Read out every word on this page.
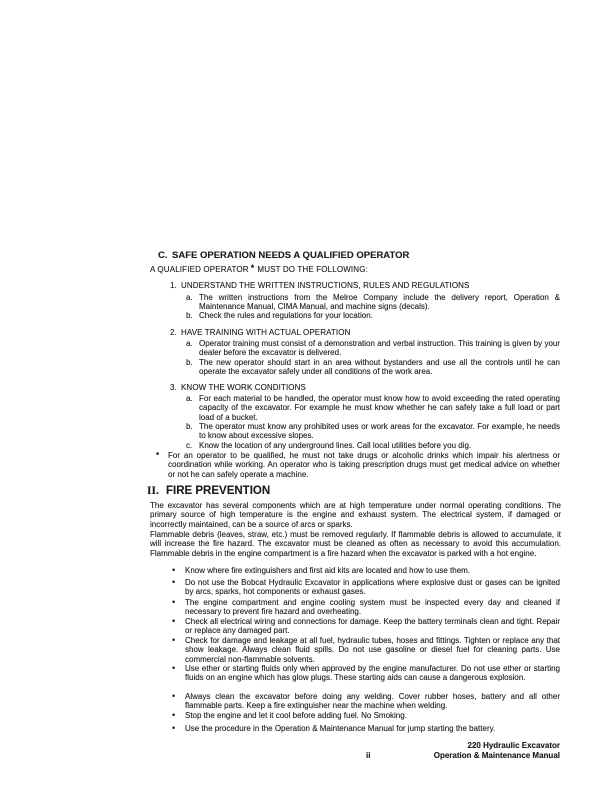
C. SAFE OPERATION NEEDS A QUALIFIED OPERATOR
A QUALIFIED OPERATOR * MUST DO THE FOLLOWING:
1. UNDERSTAND THE WRITTEN INSTRUCTIONS, RULES AND REGULATIONS
a. The written instructions from the Melroe Company include the delivery report, Operation & Maintenance Manual, CIMA Manual, and machine signs (decals).
b. Check the rules and regulations for your location.
2. HAVE TRAINING WITH ACTUAL OPERATION
a. Operator training must consist of a demonstration and verbal instruction. This training is given by your dealer before the excavator is delivered.
b. The new operator should start in an area without bystanders and use all the controls until he can operate the excavator safely under all conditions of the work area.
3. KNOW THE WORK CONDITIONS
a. For each material to be handled, the operator must know how to avoid exceeding the rated operating capacity of the excavator. For example he must know whether he can safely take a full load or part load of a bucket.
b. The operator must know any prohibited uses or work areas for the excavator. For example, he needs to know about excessive slopes.
c. Know the location of any underground lines. Call local utilities before you dig.
*	For an operator to be qualified, he must not take drugs or alcoholic drinks which impair his alertness or coordination while working. An operator who is taking prescription drugs must get medical advice on whether or not he can safely operate a machine.
II. FIRE PREVENTION
The excavator has several components which are at high temperature under normal operating conditions. The primary source of high temperature is the engine and exhaust system. The electrical system, if damaged or incorrectly maintained, can be a source of arcs or sparks.
Flammable debris (leaves, straw, etc.) must be removed regularly. If flammable debris is allowed to accumulate, it will increase the fire hazard. The excavator must be cleaned as often as necessary to avoid this accumulation. Flammable debris in the engine compartment is a fire hazard when the excavator is parked with a hot engine.
•	Know where fire extinguishers and first aid kits are located and how to use them.
•	Do not use the Bobcat Hydraulic Excavator in applications where explosive dust or gases can be ignited by arcs, sparks, hot components or exhaust gases.
•	The engine compartment and engine cooling system must be inspected every day and cleaned if necessary to prevent fire hazard and overheating.
•	Check all electrical wiring and connections for damage. Keep the battery terminals clean and tight. Repair or replace any damaged part.
•	Check for damage and leakage at all fuel, hydraulic tubes, hoses and fittings. Tighten or replace any that show leakage. Always clean fluid spills. Do not use gasoline or diesel fuel for cleaning parts. Use commercial non-flammable solvents.
•	Use ether or starting fluids only when approved by the engine manufacturer. Do not use ether or starting fluids on an engine which has glow plugs. These starting aids can cause a dangerous explosion.
•	Always clean the excavator before doing any welding. Cover rubber hoses, battery and all other flammable parts. Keep a fire extinguisher near the machine when welding.
•	Stop the engine and let it cool before adding fuel. No Smoking.
•	Use the procedure in the Operation & Maintenance Manual for jump starting the battery.
ii
220 Hydraulic Excavator
Operation & Maintenance Manual
